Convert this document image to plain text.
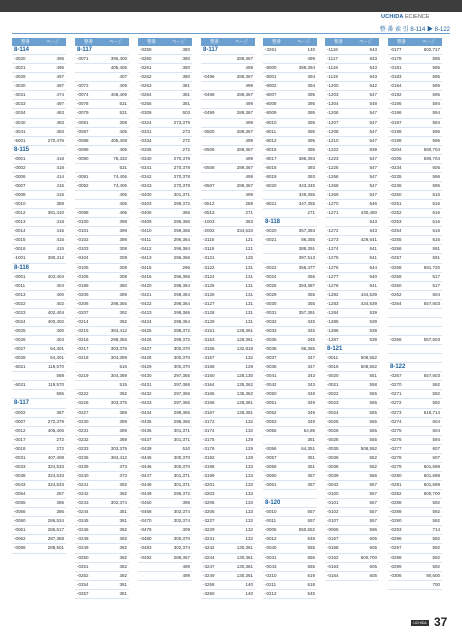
UCHIDA ECIENCE
整 番 索 引 8-114 ▶ 8-122
整番	ページ
8-114
-3020	495
-3021	495
-3029	497
-3030	497
-3031	474
-3033	497
-3034	483
-3040	483
-3041	483
-5001	270,476
8-115
-0001	418
-0002	418
-0006	414
-0007	415
-0008	415
-0010	388
-0012	391,410
-0013	418
-0014	415
-0015	415
-0016	415
-1001	390,412
8-116
-0001	403,404
-0011	404
-0013	400
-0022	402
-0023	402,404
-0024	400,402
-0025	400
-0026	404
-0027	64,401
-0028	64,401
-6021	119,570
588
-6031	119,570
586
8-117
-0002	387
-0007	272,379
-0012	405,406
-0017	272
-0018	272
-0031	407,408
-0033	324,533
-0038	324,533
-0043	324,533
-0054	287
-0055	386
-0056	386
-0060	286,534
-0061	286,517
-0062	287,368
-0068	288,501
整番	ページ
8-117
-0071	395,400
405,406
407
-0072	409
-0074	408,409
-0078	531
-0079	531
-0081	308
-0087	405
-0088	405,408
-0089	405
-0090	78,332
531
-0091	74,406
-0092	74,406
406
406
-0098	406
-0100	398
-0101	398
-0102	398
-0103	308
-0104	308
-0105	308
-0106	308
-0199	380
-0205	389
-0206	298,365
-0207	392
-0214	392
-0215	384,412
-0216	298,365
-0217	303,375
-0218	304,389
515
-0219	304,389
515
-0222	392
-0226	303,375
-0227	389
-0230	389
-0231	389
-0232	389
-0233	303,375
-0236	384,412
-0239	373
-0240	373
-0241	392
-0242	392
-0243	302,374
-0244	381
-0245	381
-0246	392
-0248	392
-0249	392
-0250	392
-0251	382
-0252	382
-0254	381
-0257	381
整番	ページ
-0259	380
-0260	380
-0261	380
-0262	380
-0263	381
-0264	381
-0265	381
-0309	503
-0324	273,379
-0331	273
-0334	272
-0335	272
-0340	270,378
-0341	270,378
-0342	270,378
-0343	270,378
-0400	301,371
-0403	299,372
-0406	366
-0409	299,366
-0410	299,365
-0411	296,364
-0412	296,364
-0413	296,366
-0415	296
-0416	296,366
-0420	298,364
-0421	298,364
-0422	298,364
-0423	298,365
-0424	298,364
-0425	298,372
-0426	299,372
-0427	300,370
-0428	300,370
-0429	300,370
-0430	297,365
-0431	297,365
-0432	297,365
-0433	297,365
-0434	298,365
-0435	298,365
-0436	301,371
-0437	301,371
-0439	510
-0445	300,370
-0446	300,370
-0447	301,371
-0448	301,371
-0449	299,372
-0450	396
-0468	302,374
-0470	302,374
-0478	309
-0480	300,370
-0483	302,374
-0492	289,367
499
499
整番	ページ
8-117
289,367
499
-0496	289,367
499
-0498	289,367
499
-0499	289,367
499
-0500	289,367
499
-0505	289,367
499
-0506	289,367
499
-0507	289,367
499
-0512	288
-0513	271
-1003	383
-2002	334,533
-3116	121
-3119	121
-3121	125
-3122	131
-3124	131
-3125	131
-3126	131
-3127	131
-3128	131
-3129	131
-3151	128,361
-3153	128,361
-3155	132,818
-3157	132
-3158	129
-3160	128,130
-3164	135,362
-3165	135,362
-3166	128,361
-3167	128,361
-3172	132
-3174	132
-3175	129
-3176	129
-3192	128
-3198	133
-3199	133
-3201	133
-3203	133
-3205	133
-3206	133
-3227	132
-3229	132
-3231	132
-3242	130,361
-3244	130,361
-3247	130,361
-3249	130,361
-3258	140
-3260	140
整番	ページ
-3261	140
499
-8000	388,394
-8001	394
-8002	394
-8007	395
-8008	395
-8009	395
-8010	395
-8011	395
-8012	395
-8016	395
-8017	388,393
-8018	393
-8019	393
-8020	343,345
349,355
-8021	347,355
271
8-118
-0020	357,383
-0021	86,355
388,391
397,513
-0022	356,477
-0024	356
-0026	353,387
-0029	355
-0030	355
-0031	357,391
-0032	345
-0033	345
-0035	345
-0036	86,355
-0037	347
-0038	347
-0041	343
-0042	343
-0050	348
-0051	349
-0052	349
-0053	349
-0055	64,86
351
-0056	64,351
-0057	351
-0058	351
-0060	357
-0061	357
8-120
-0010	557
-0011	557
-0006	550,552
-0012	548
-0040	555
-0041	555
-0043	555
-0210	619
-0211	618
-0212	545
整番	ページ
-1116	543
-1117	543
-1118	543
-1119	543
-1200	542
-1203	547
-1204	548
-1206	547
-1207	547
-1208	547
-1210	547
-1222	839
-1223	547
-1226	547
-1266	547
-1268	547
-1269	547
-1270	546
-1271	430,450
543
-1272	543
-1273	429,541
-1274	541
-1275	541
-1276	544
-1277	540
-1278	541
-1282	434,539
-1283	434,539
-1284	539
-1285	539
-1286	539
-1287	539
8-121
-0011	508,552
-0015	508,552
-0020	551
-0021	558
-0022	555
-0023	555
-0024	555
-0025	555
-0026	555
-0028	555
-0035	508,552
-0036	552
-0038	552
-0039	556
-0042	557
-0100	557
-0101	557
-0102	557
-0107	557
-0065	596
-0157	605
-0158	605
-0162	600,700
-0163	605
-0164	605
整番	ページ
-0177	602,717
-0178	595
-0181	595
-0183	595
-0184	595
-0192	595
-0195	594
-0196	594
-0197	594
-0198	596
-0199	596
-0204	590,704
-0205	590,704
-0234	605
-0235	596
-0236	596
-0250	616
-0251	616
-0252	616
-0253	616
-0254	616
-0255	616
-0256	591
-0257	591
-0258	591,720
-0259	617
-0260	617
-0262	604
-0264	557,603
-0266	557,603
8-122
-0267	557,603
-0270	592
-0271	592
-0272	592
-0273	616,714
-0274	604
-0275	604
-0276	594
-0277	607
-0278	607
-0279	601,698
-0280	601,698
-0281	601,698
-0282	600,700
-0288	592
-0289	592
-0290	592
-0293	714
-0296	592
-0297	592
-0298	592
-0299	592
-0306	90,600
700
UCHIDA 37
